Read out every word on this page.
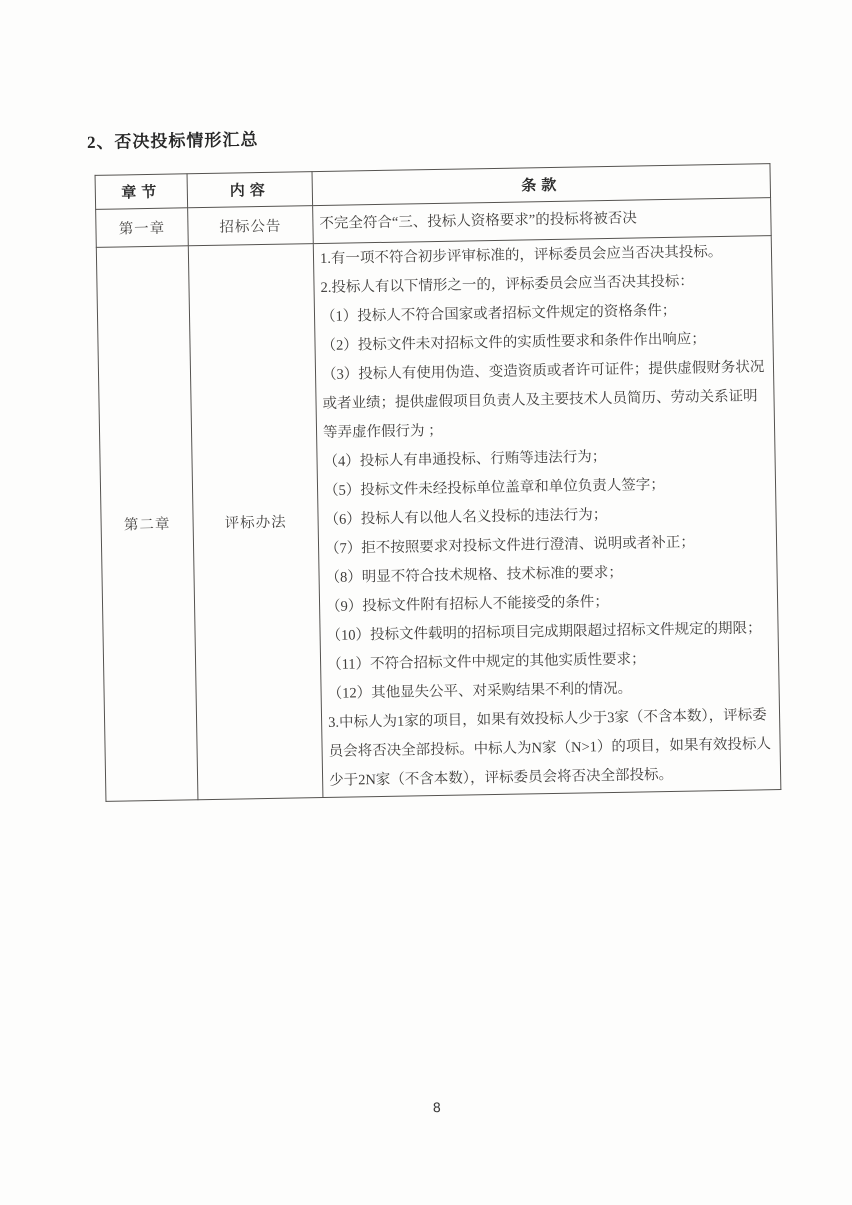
2、否决投标情形汇总
章节	内容	条款
第一章	招标公告	不完全符合“三、投标人资格要求”的投标将被否决

第二章	评标办法	

1.有一项不符合初步评审标准的，评标委员会应当否决其投标。

2.投标人有以下情形之一的，评标委员会应当否决其投标：

（1）投标人不符合国家或者招标文件规定的资格条件；

（2）投标文件未对招标文件的实质性要求和条件作出响应；

（3）投标人有使用伪造、变造资质或者许可证件；提供虚假财务状况或者业绩；提供虚假项目负责人及主要技术人员简历、劳动关系证明等弄虚作假行为 ；

（4）投标人有串通投标、行贿等违法行为；

（5）投标文件未经投标单位盖章和单位负责人签字；

（6）投标人有以他人名义投标的违法行为；

（7）拒不按照要求对投标文件进行澄清、说明或者补正；

（8）明显不符合技术规格、技术标准的要求；

（9）投标文件附有招标人不能接受的条件；

（10）投标文件载明的招标项目完成期限超过招标文件规定的期限；

（11）不符合招标文件中规定的其他实质性要求；

（12）其他显失公平、对采购结果不利的情况。

3.中标人为1家的项目，如果有效投标人少于3家（不含本数），评标委员会将否决全部投标。中标人为N家（N>1）的项目，如果有效投标人少于2N家（不含本数），评标委员会将否决全部投标。

8
